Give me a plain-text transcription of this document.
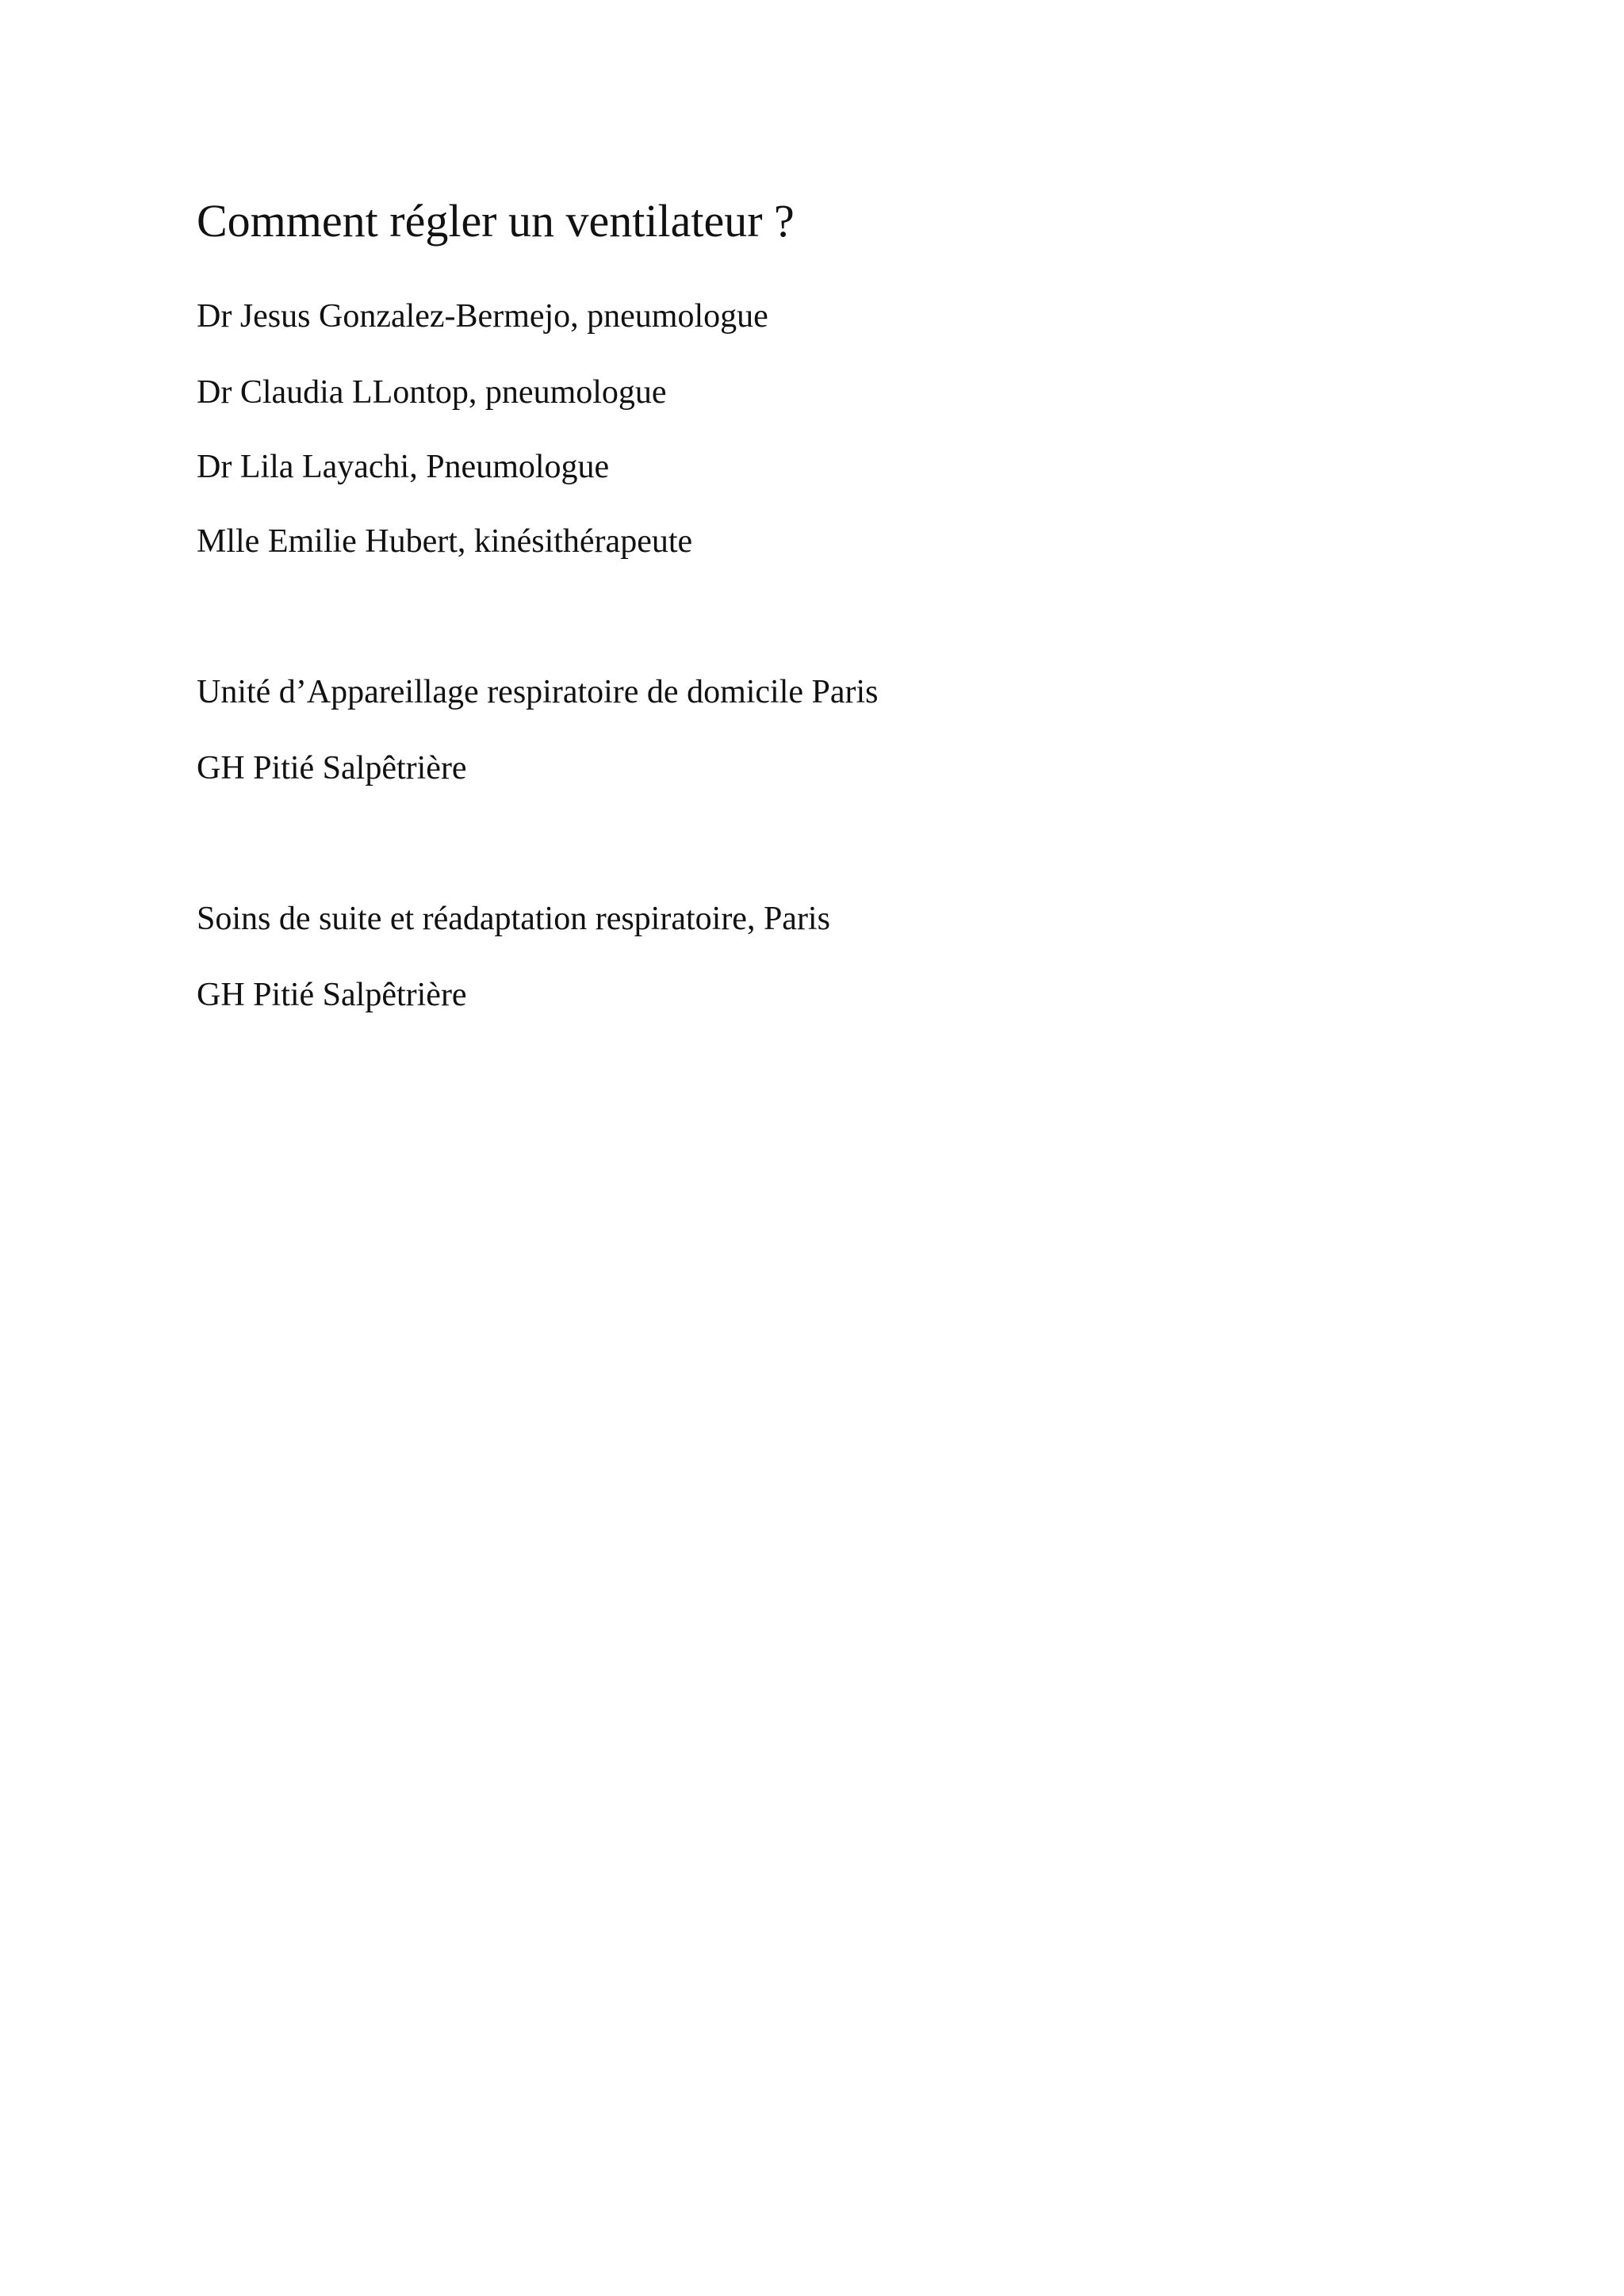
Comment régler un ventilateur ?

Dr Jesus Gonzalez-Bermejo, pneumologue

Dr Claudia LLontop, pneumologue

Dr Lila Layachi, Pneumologue

Mlle Emilie Hubert, kinésithérapeute

Unité d’Appareillage respiratoire de domicile Paris

GH Pitié Salpêtrière

Soins de suite et réadaptation respiratoire, Paris

GH Pitié Salpêtrière
